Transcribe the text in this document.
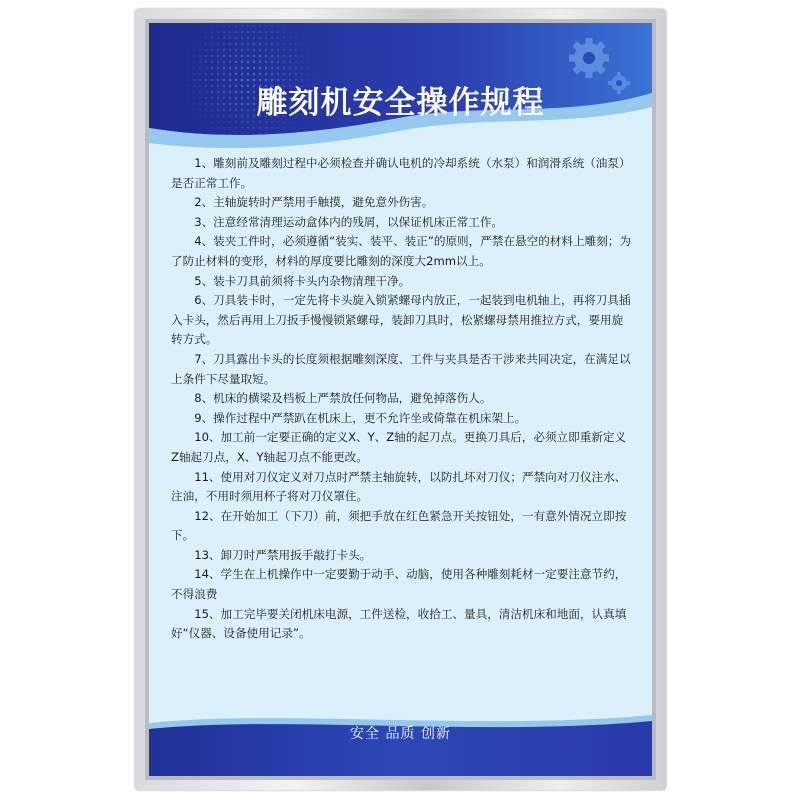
雕刻机安全操作规程
1、雕刻前及雕刻过程中必须检查并确认电机的冷却系统（水泵）和润滑系统（油泵）是否正常工作。
2、主轴旋转时严禁用手触摸，避免意外伤害。
3、注意经常清理运动盒体内的残屑，以保证机床正常工作。
4、装夹工件时，必须遵循“装实、装平、装正”的原则，严禁在悬空的材料上雕刻；为了防止材料的变形，材料的厚度要比雕刻的深度大2mm以上。
5、装卡刀具前须将卡头内杂物清理干净。
6、刀具装卡时，一定先将卡头旋入锁紧螺母内放正，一起装到电机轴上，再将刀具插入卡头，然后再用上刀扳手慢慢锁紧螺母，装卸刀具时，松紧螺母禁用推拉方式，要用旋转方式。
7、刀具露出卡头的长度须根据雕刻深度、工件与夹具是否干涉来共同决定，在满足以上条件下尽量取短。
8、机床的横梁及档板上严禁放任何物品，避免掉落伤人。
9、操作过程中严禁趴在机床上，更不允许坐或倚靠在机床架上。
10、加工前一定要正确的定义X、Y、Z轴的起刀点。更换刀具后，必须立即重新定义Z轴起刀点，X、Y轴起刀点不能更改。
11、使用对刀仪定义对刀点时严禁主轴旋转，以防扎坏对刀仪；严禁向对刀仪注水、注油，不用时须用杯子将对刀仪罩住。
12、在开始加工（下刀）前，须把手放在红色紧急开关按钮处，一有意外情况立即按下。
13、卸刀时严禁用扳手敲打卡头。
14、学生在上机操作中一定要勤于动手、动脑，使用各种雕刻耗材一定要注意节约，不得浪费
15、加工完毕要关闭机床电源，工件送检，收拾工、量具，清洁机床和地面，认真填好“仪器、设备使用记录”。
安全 品质 创新
